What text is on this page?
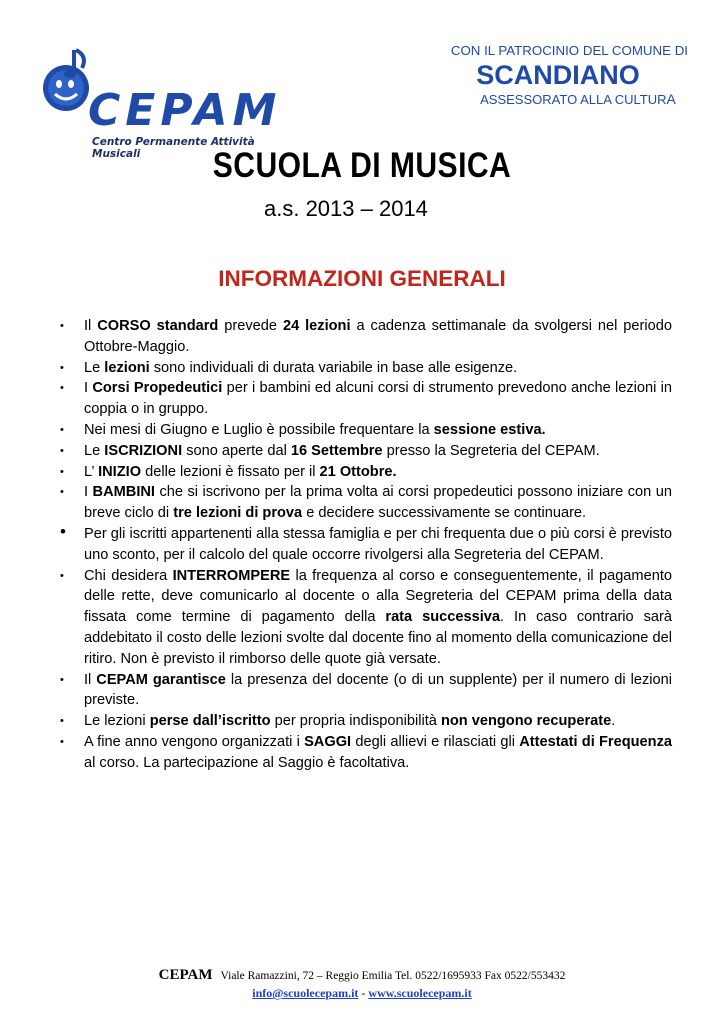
CEPAM
Centro Permanente Attività Musicali
CON IL PATROCINIO DEL COMUNE DI
SCANDIANO
ASSESSORATO ALLA CULTURA
SCUOLA DI MUSICA
a.s. 2013 – 2014
INFORMAZIONI GENERALI
• Il CORSO standard prevede 24 lezioni a cadenza settimanale da svolgersi nel periodo Ottobre-Maggio.
• Le lezioni sono individuali di durata variabile in base alle esigenze.
• I Corsi Propedeutici per i bambini ed alcuni corsi di strumento prevedono anche lezioni in coppia o in gruppo.
• Nei mesi di Giugno e Luglio è possibile frequentare la sessione estiva.
• Le ISCRIZIONI sono aperte dal 16 Settembre presso la Segreteria del CEPAM.
• L’ INIZIO delle lezioni è fissato per il 21 Ottobre.
• I BAMBINI che si iscrivono per la prima volta ai corsi propedeutici possono iniziare con un breve ciclo di tre lezioni di prova e decidere successivamente se continuare.
• Per gli iscritti appartenenti alla stessa famiglia e per chi frequenta due o più corsi è previsto uno sconto, per il calcolo del quale occorre rivolgersi alla Segreteria del CEPAM.
• Chi desidera INTERROMPERE la frequenza al corso e conseguentemente, il pagamento delle rette, deve comunicarlo al docente o alla Segreteria del CEPAM prima della data fissata come termine di pagamento della rata successiva. In caso contrario sarà addebitato il costo delle lezioni svolte dal docente fino al momento della comunicazione del ritiro. Non è previsto il rimborso delle quote già versate.
• Il CEPAM garantisce la presenza del docente (o di un supplente) per il numero di lezioni previste.
• Le lezioni perse dall’iscritto per propria indisponibilità non vengono recuperate.
• A fine anno vengono organizzati i SAGGI degli allievi e rilasciati gli Attestati di Frequenza al corso. La partecipazione al Saggio è facoltativa.
CEPAM Viale Ramazzini, 72 – Reggio Emilia Tel. 0522/1695933 Fax 0522/553432
info@scuolecepam.it - www.scuolecepam.it
